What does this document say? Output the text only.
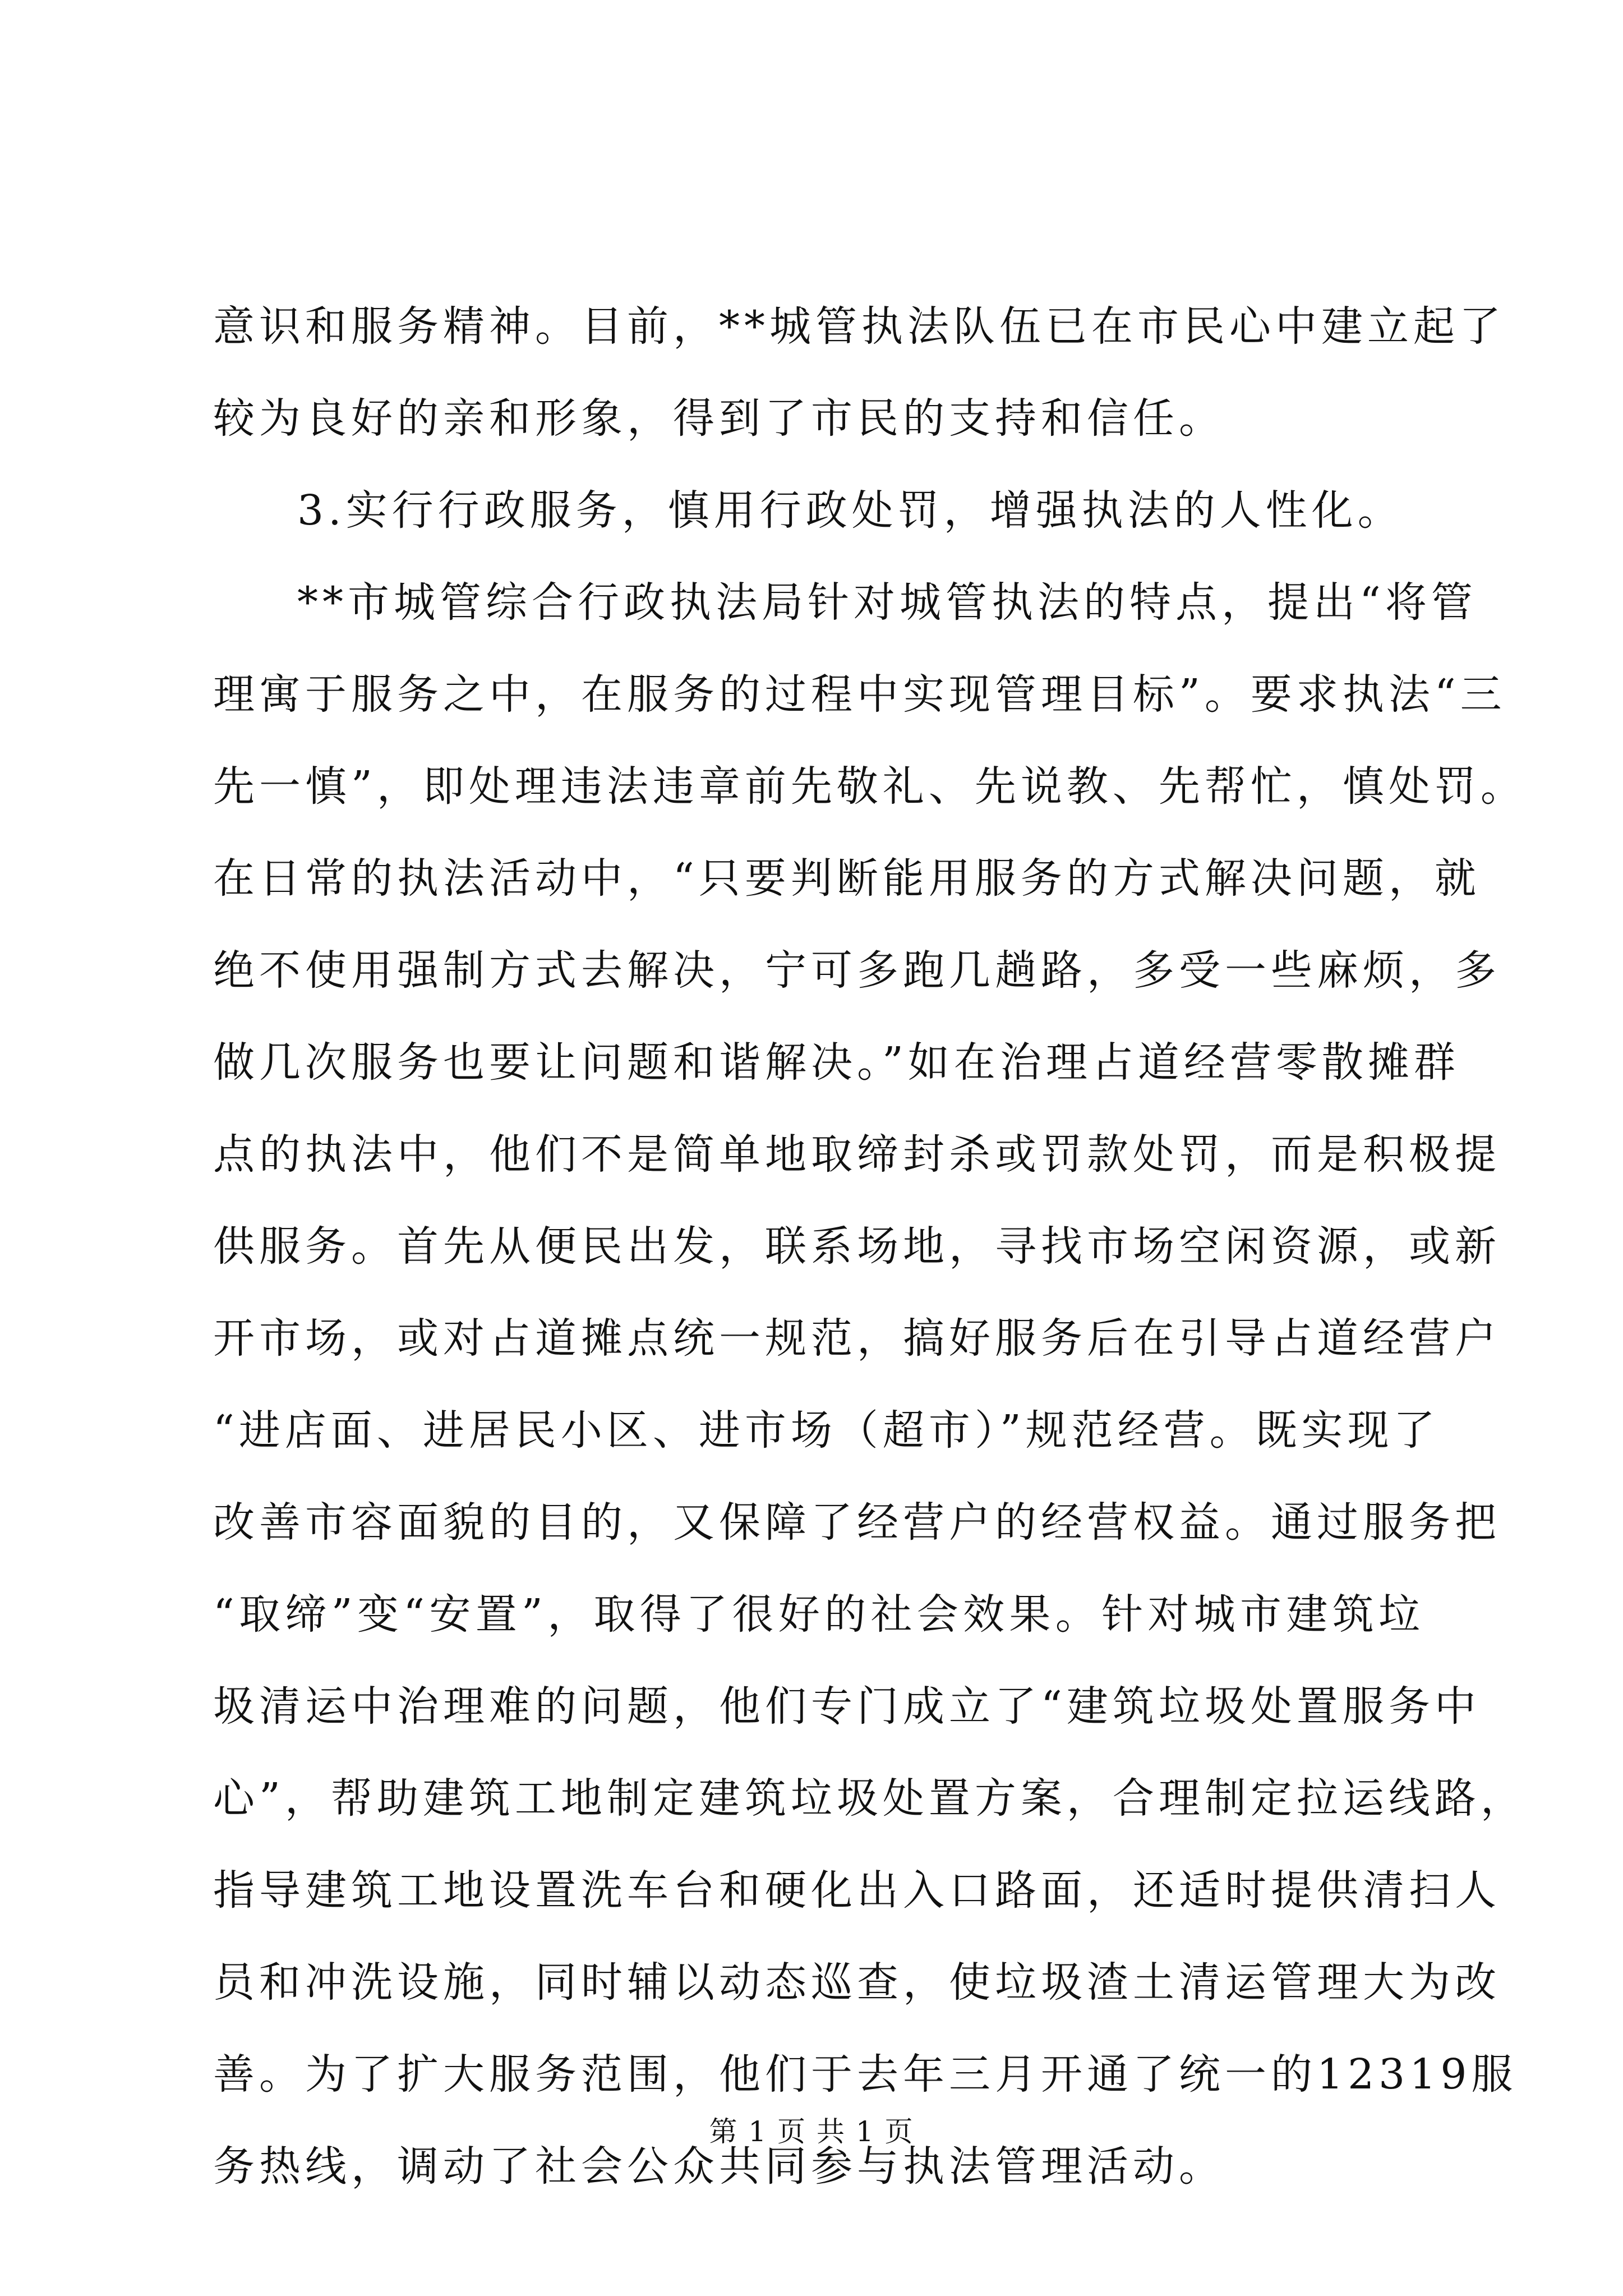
意识和服务精神。目前，**城管执法队伍已在市民心中建立起了
较为良好的亲和形象，得到了市民的支持和信任。
3.实行行政服务，慎用行政处罚，增强执法的人性化。
**市城管综合行政执法局针对城管执法的特点，提出“将管
理寓于服务之中，在服务的过程中实现管理目标”。要求执法“三
先一慎”，即处理违法违章前先敬礼、先说教、先帮忙，慎处罚。
在日常的执法活动中，“只要判断能用服务的方式解决问题，就
绝不使用强制方式去解决，宁可多跑几趟路，多受一些麻烦，多
做几次服务也要让问题和谐解决。”如在治理占道经营零散摊群
点的执法中，他们不是简单地取缔封杀或罚款处罚，而是积极提
供服务。首先从便民出发，联系场地，寻找市场空闲资源，或新
开市场，或对占道摊点统一规范，搞好服务后在引导占道经营户
“进店面、进居民小区、进市场（超市）”规范经营。既实现了
改善市容面貌的目的，又保障了经营户的经营权益。通过服务把
“取缔”变“安置”，取得了很好的社会效果。针对城市建筑垃
圾清运中治理难的问题，他们专门成立了“建筑垃圾处置服务中
心”，帮助建筑工地制定建筑垃圾处置方案，合理制定拉运线路，
指导建筑工地设置洗车台和硬化出入口路面，还适时提供清扫人
员和冲洗设施，同时辅以动态巡查，使垃圾渣土清运管理大为改
善。为了扩大服务范围，他们于去年三月开通了统一的12319服
务热线，调动了社会公众共同参与执法管理活动。
第 1 页 共 1 页
